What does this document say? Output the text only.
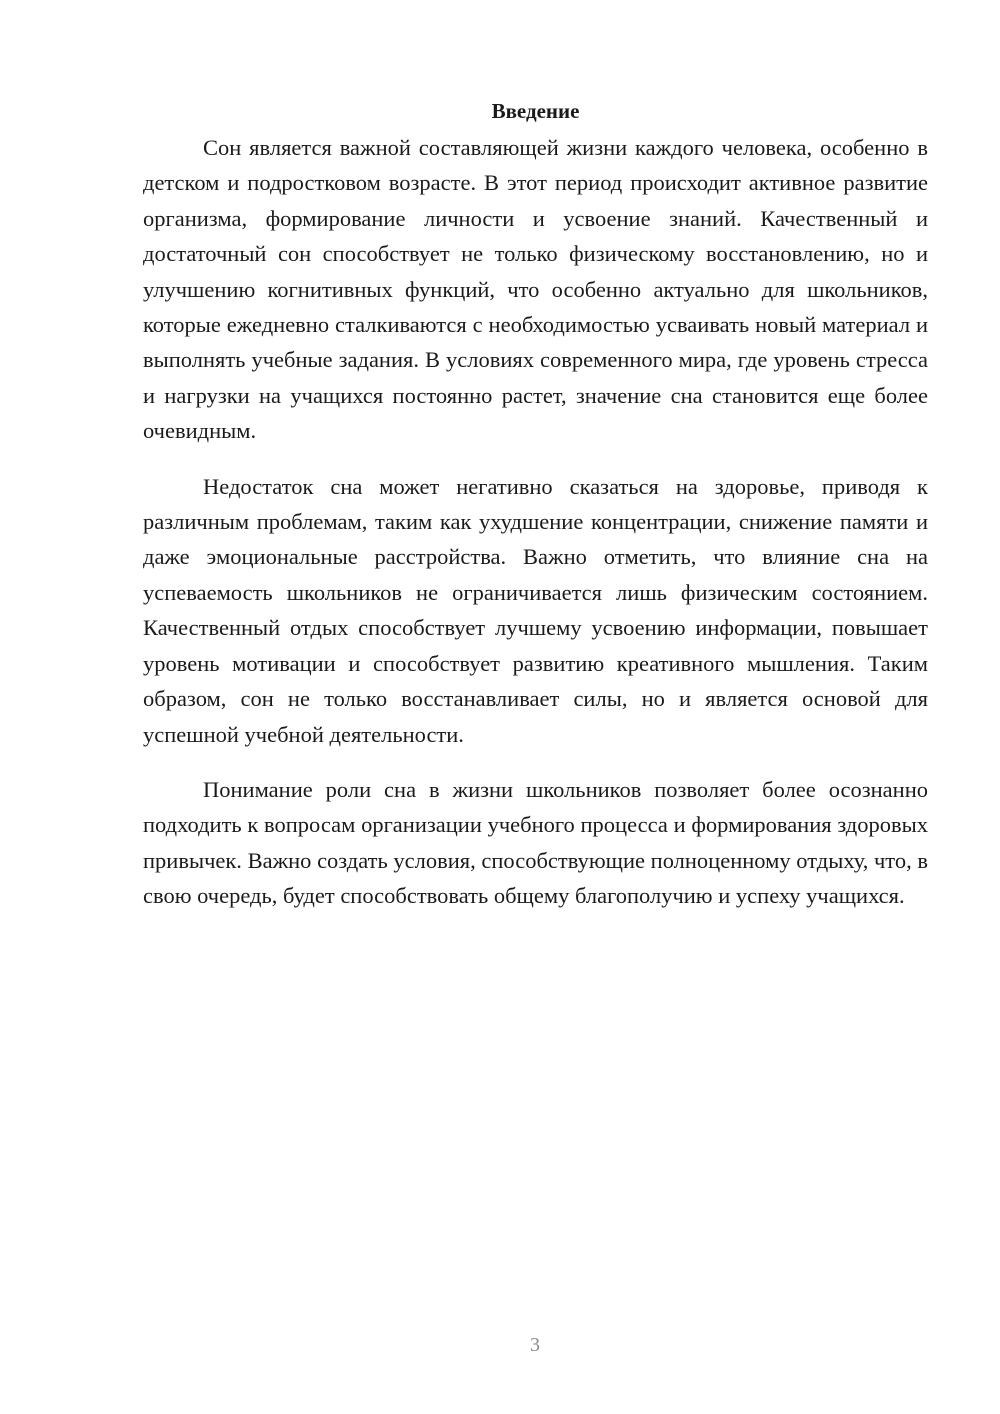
Введение

Сон является важной составляющей жизни каждого человека, особенно в детском и подростковом возрасте. В этот период происходит активное развитие организма, формирование личности и усвоение знаний. Качественный и достаточный сон способствует не только физическому восстановлению, но и улучшению когнитивных функций, что особенно актуально для школьников, которые ежедневно сталкиваются с необходимостью усваивать новый материал и выполнять учебные задания. В условиях современного мира, где уровень стресса и нагрузки на учащихся постоянно растет, значение сна становится еще более очевидным.

Недостаток сна может негативно сказаться на здоровье, приводя к различным проблемам, таким как ухудшение концентрации, снижение памяти и даже эмоциональные расстройства. Важно отметить, что влияние сна на успеваемость школьников не ограничивается лишь физическим состоянием. Качественный отдых способствует лучшему усвоению информации, повышает уровень мотивации и способствует развитию креативного мышления. Таким образом, сон не только восстанавливает силы, но и является основой для успешной учебной деятельности.

Понимание роли сна в жизни школьников позволяет более осознанно подходить к вопросам организации учебного процесса и формирования здоровых привычек. Важно создать условия, способствующие полноценному отдыху, что, в свою очередь, будет способствовать общему благополучию и успеху учащихся.

3
